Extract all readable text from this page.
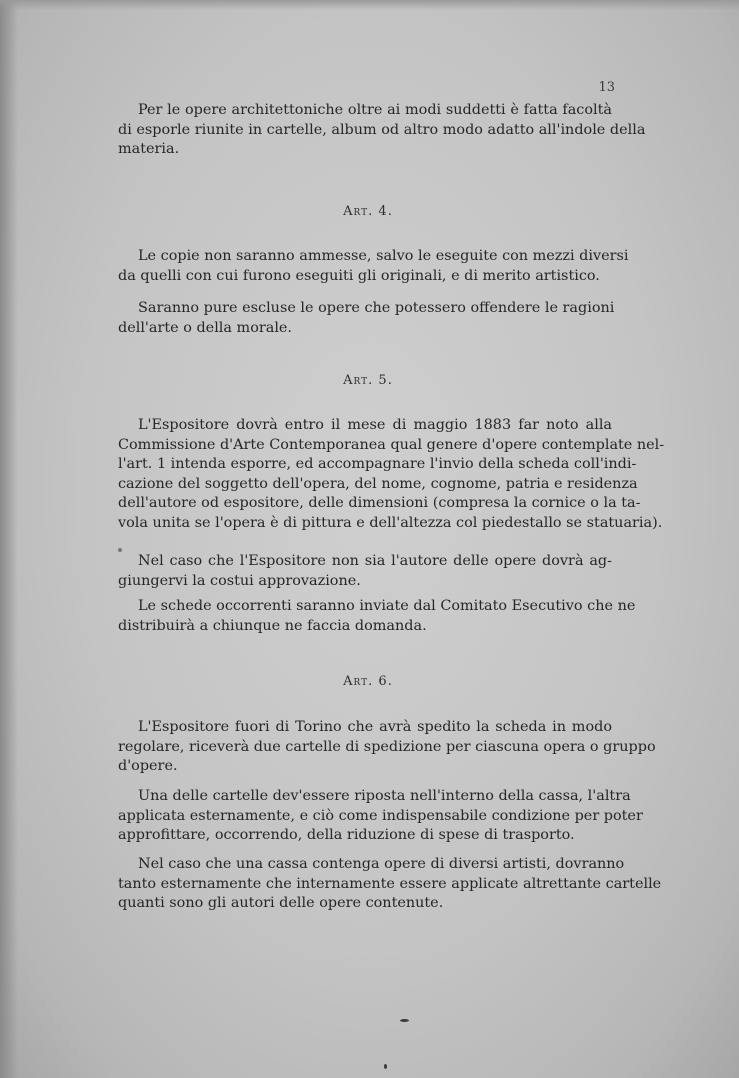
13
Per le opere architettoniche oltre ai modi suddetti è fatta facoltà
di esporle riunite in cartelle, album od altro modo adatto all'indole della
materia.
Art. 4.
Le copie non saranno ammesse, salvo le eseguite con mezzi diversi
da quelli con cui furono eseguiti gli originali, e di merito artistico.
Saranno pure escluse le opere che potessero offendere le ragioni
dell'arte o della morale.
Art. 5.
L'Espositore dovrà entro il mese di maggio 1883 far noto alla
Commissione d'Arte Contemporanea qual genere d'opere contemplate nel-
l'art. 1 intenda esporre, ed accompagnare l'invio della scheda coll'indi-
cazione del soggetto dell'opera, del nome, cognome, patria e residenza
dell'autore od espositore, delle dimensioni (compresa la cornice o la ta-
vola unita se l'opera è di pittura e dell'altezza col piedestallo se statuaria).
Nel caso che l'Espositore non sia l'autore delle opere dovrà ag-
giungervi la costui approvazione.
Le schede occorrenti saranno inviate dal Comitato Esecutivo che ne
distribuirà a chiunque ne faccia domanda.
Art. 6.
L'Espositore fuori di Torino che avrà spedito la scheda in modo
regolare, riceverà due cartelle di spedizione per ciascuna opera o gruppo
d'opere.
Una delle cartelle dev'essere riposta nell'interno della cassa, l'altra
applicata esternamente, e ciò come indispensabile condizione per poter
approfittare, occorrendo, della riduzione di spese di trasporto.
Nel caso che una cassa contenga opere di diversi artisti, dovranno
tanto esternamente che internamente essere applicate altrettante cartelle
quanti sono gli autori delle opere contenute.
